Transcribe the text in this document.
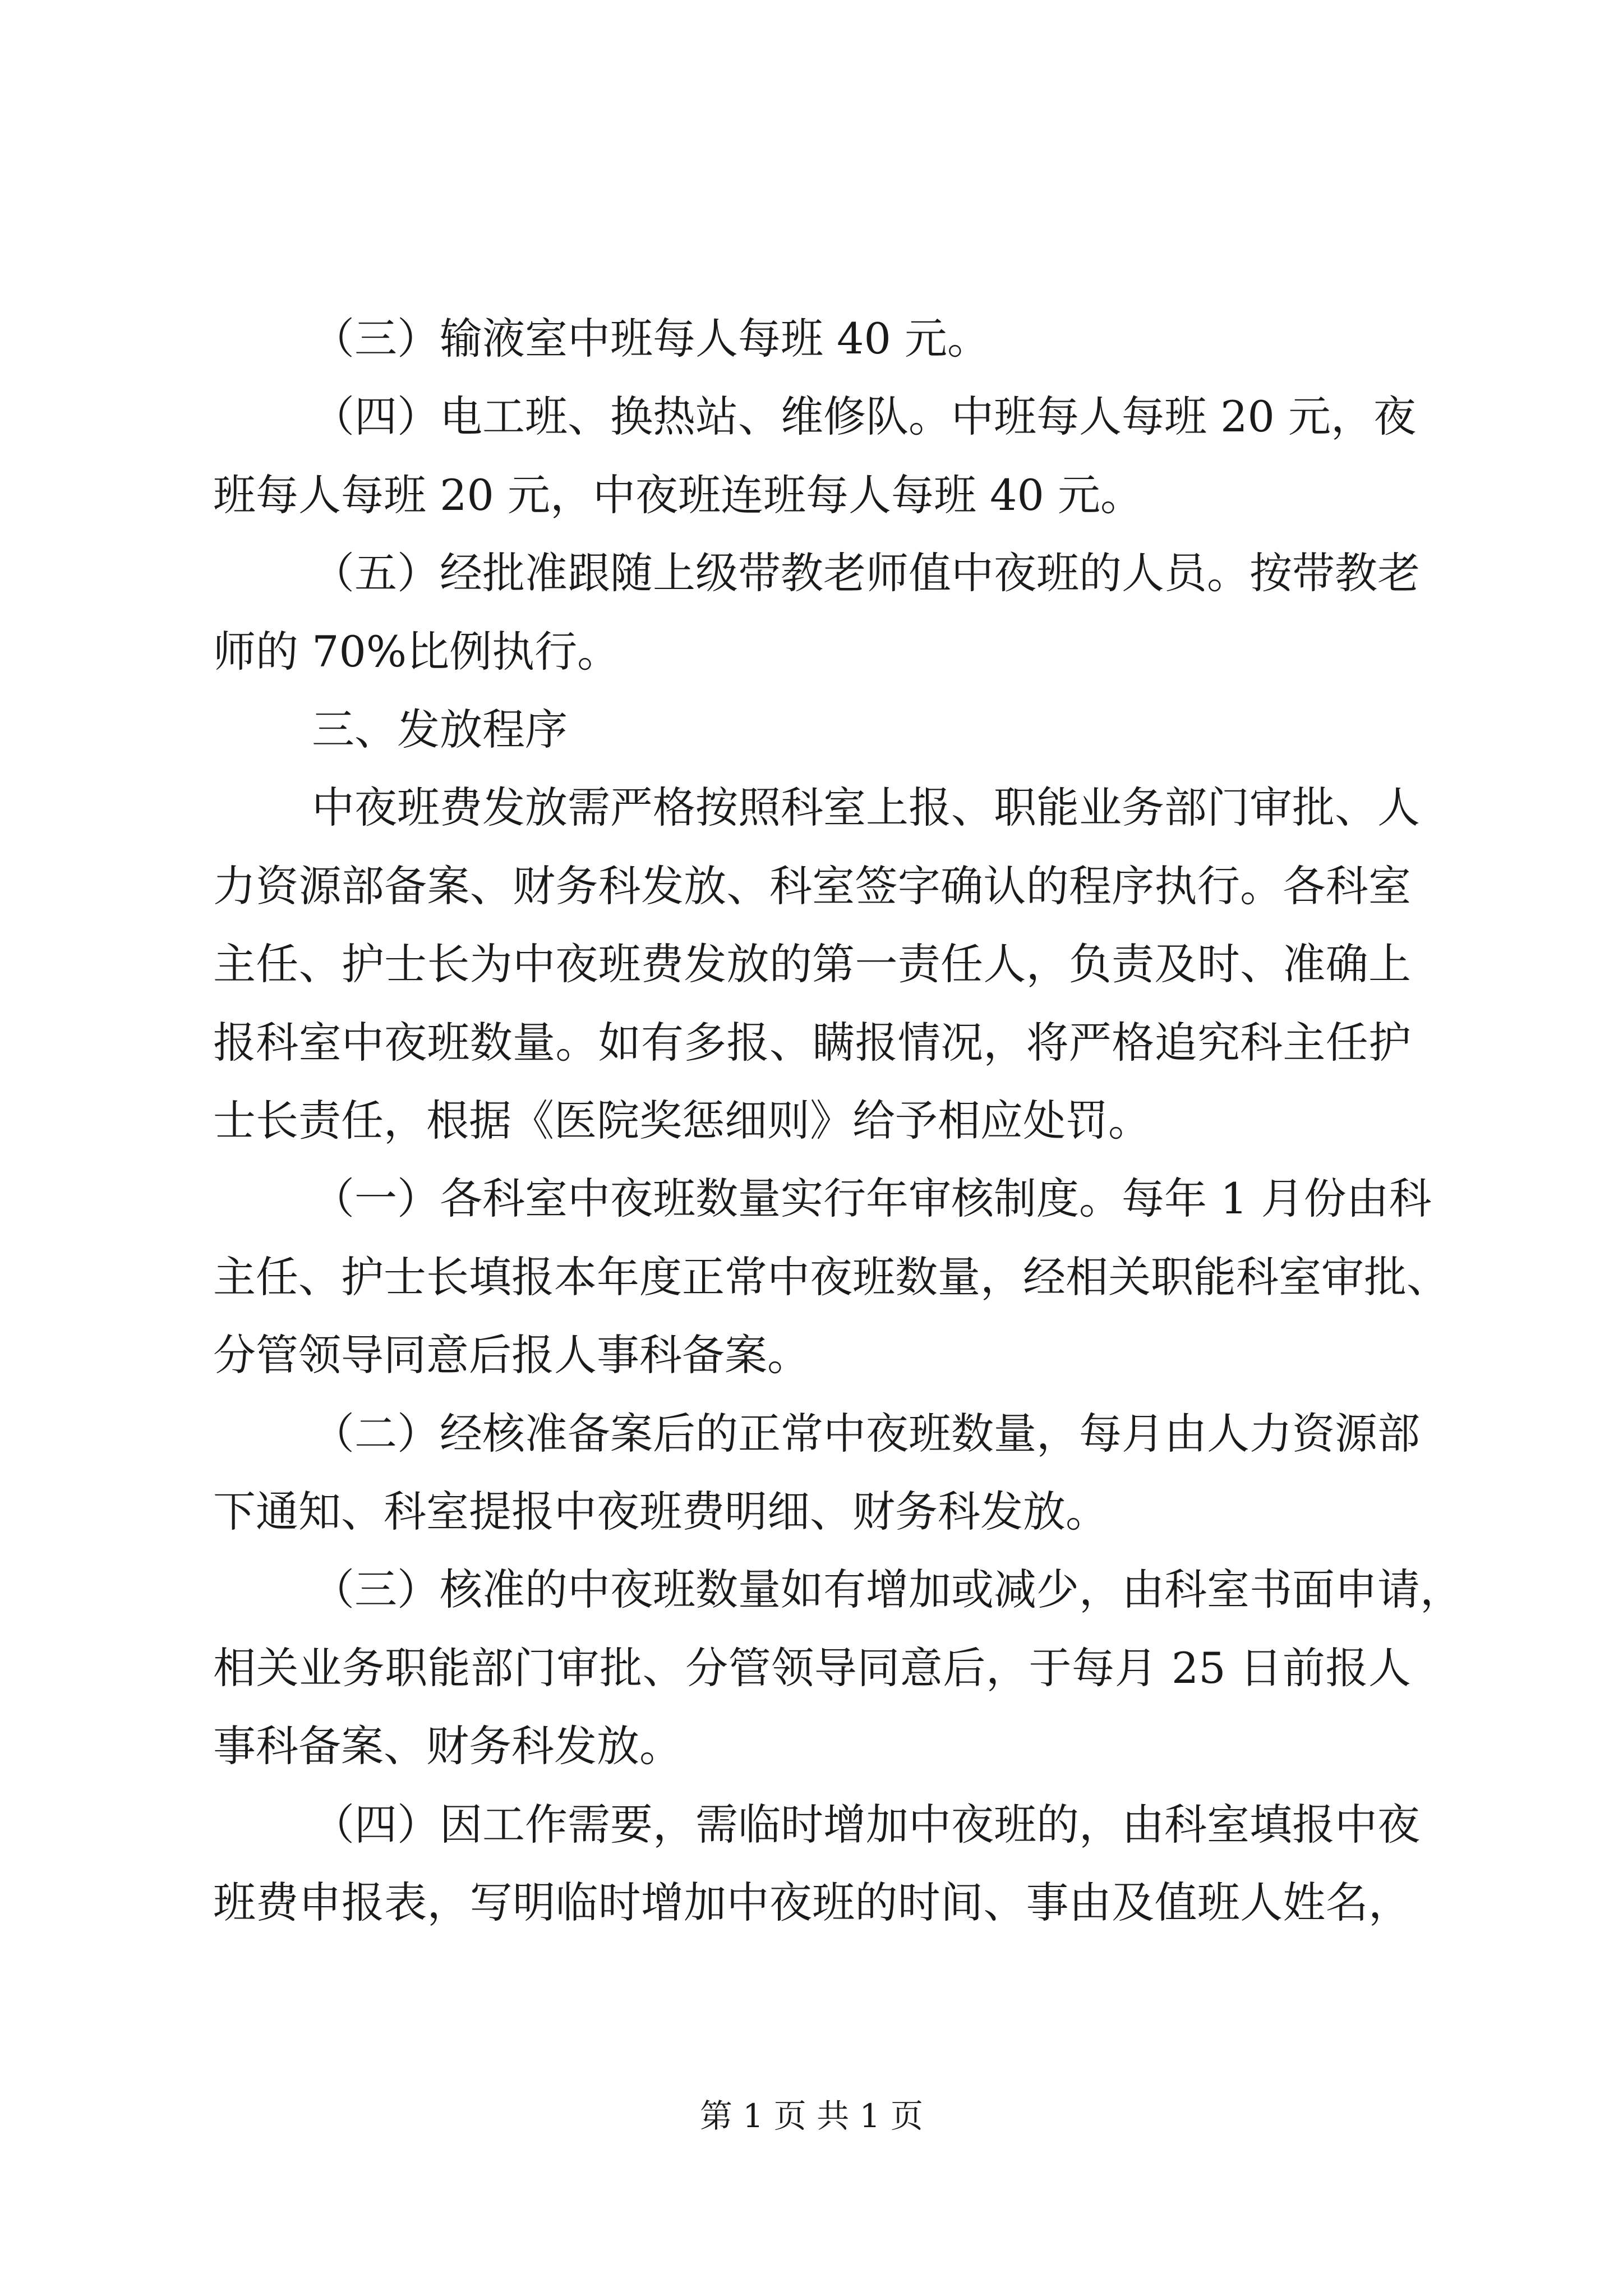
（三）输液室中班每人每班 40 元。
（四）电工班、换热站、维修队。中班每人每班 20 元，夜
班每人每班 20 元，中夜班连班每人每班 40 元。
（五）经批准跟随上级带教老师值中夜班的人员。按带教老
师的 70%比例执行。
三、发放程序
中夜班费发放需严格按照科室上报、职能业务部门审批、人
力资源部备案、财务科发放、科室签字确认的程序执行。各科室
主任、护士长为中夜班费发放的第一责任人，负责及时、准确上
报科室中夜班数量。如有多报、瞒报情况，将严格追究科主任护
士长责任，根据《医院奖惩细则》给予相应处罚。
（一）各科室中夜班数量实行年审核制度。每年 1 月份由科
主任、护士长填报本年度正常中夜班数量，经相关职能科室审批、
分管领导同意后报人事科备案。
（二）经核准备案后的正常中夜班数量，每月由人力资源部
下通知、科室提报中夜班费明细、财务科发放。
（三）核准的中夜班数量如有增加或减少，由科室书面申请，
相关业务职能部门审批、分管领导同意后，于每月 25 日前报人
事科备案、财务科发放。
（四）因工作需要，需临时增加中夜班的，由科室填报中夜
班费申报表，写明临时增加中夜班的时间、事由及值班人姓名，
第 1 页 共 1 页
